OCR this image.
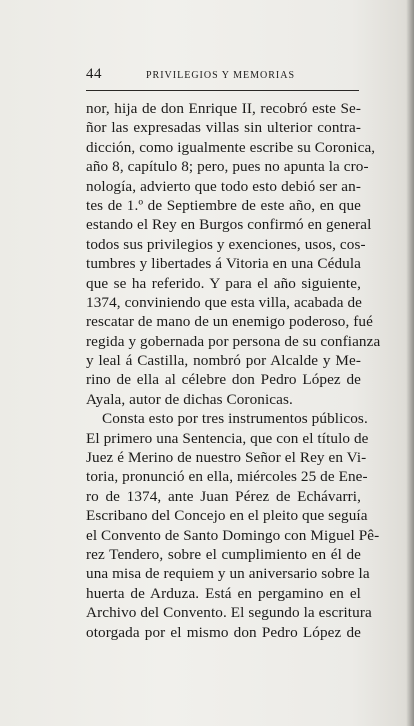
44	PRIVILEGIOS Y MEMORIAS
nor, hija de don Enrique II, recobró este Se-
ñor las expresadas villas sin ulterior contra-
dicción, como igualmente escribe su Coronica,
año 8, capítulo 8; pero, pues no apunta la cro-
nología, advierto que todo esto debió ser an-
tes de 1.º de Septiembre de este año, en que
estando el Rey en Burgos confirmó en general
todos sus privilegios y exenciones, usos, cos-
tumbres y libertades á Vitoria en una Cédula
que se ha referido. Y para el año siguiente,
1374, conviniendo que esta villa, acabada de
rescatar de mano de un enemigo poderoso, fué
regida y gobernada por persona de su confianza
y leal á Castilla, nombró por Alcalde y Me-
rino de ella al célebre don Pedro López de
Ayala, autor de dichas Coronicas.
Consta esto por tres instrumentos públicos.
El primero una Sentencia, que con el título de
Juez é Merino de nuestro Señor el Rey en Vi-
toria, pronunció en ella, miércoles 25 de Ene-
ro de 1374, ante Juan Pérez de Echávarri,
Escribano del Concejo en el pleito que seguía
el Convento de Santo Domingo con Miguel Pê-
rez Tendero, sobre el cumplimiento en él de
una misa de requiem y un aniversario sobre la
huerta de Arduza. Está en pergamino en el
Archivo del Convento. El segundo la escritura
otorgada por el mismo don Pedro López de
